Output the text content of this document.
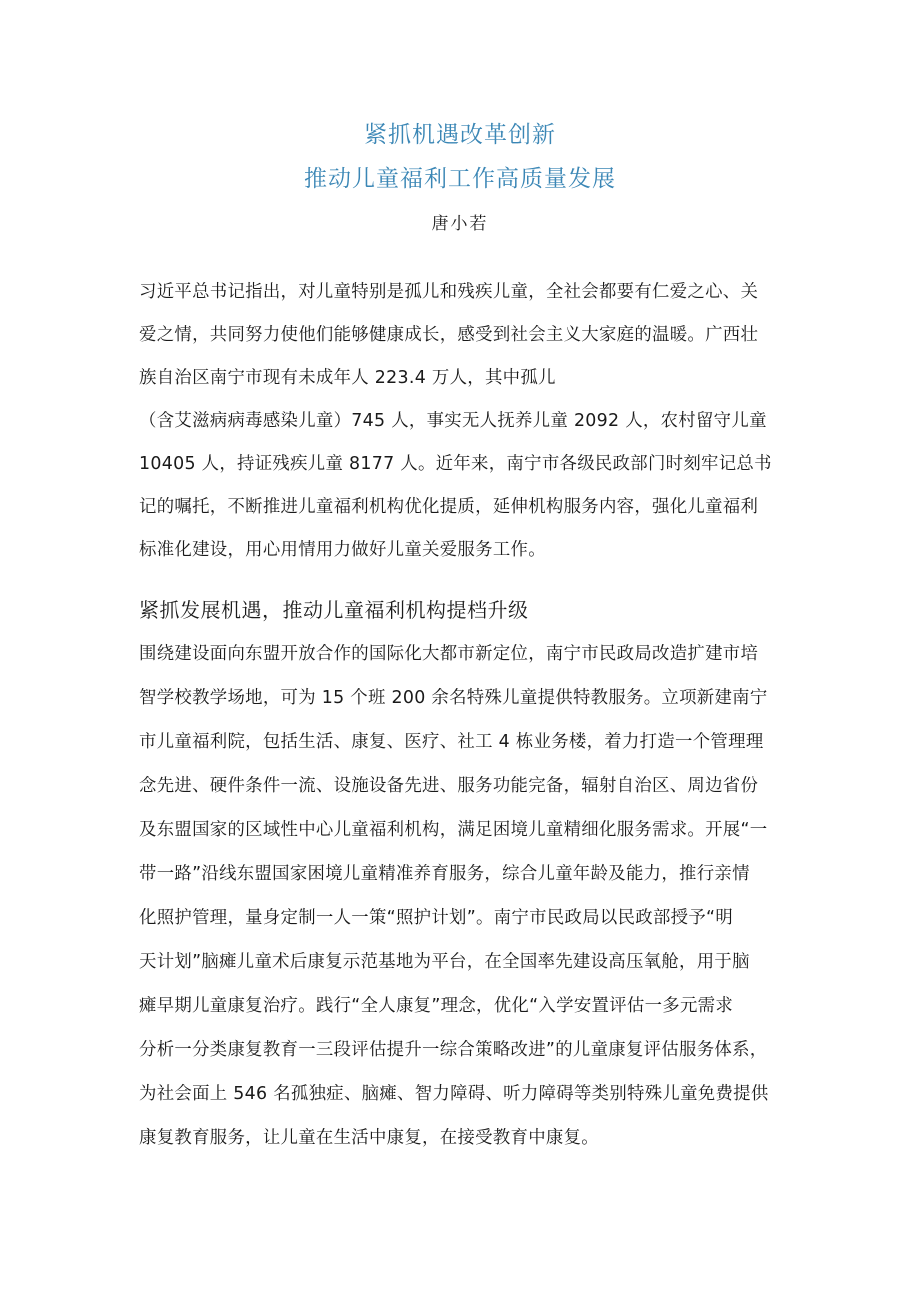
紧抓机遇改革创新
推动儿童福利工作高质量发展
唐小若
习近平总书记指出，对儿童特别是孤儿和残疾儿童，全社会都要有仁爱之心、关
爱之情，共同努力使他们能够健康成长，感受到社会主义大家庭的温暖。广西壮
族自治区南宁市现有未成年人 223.4 万人，其中孤儿
（含艾滋病病毒感染儿童）745 人，事实无人抚养儿童 2092 人，农村留守儿童
10405 人，持证残疾儿童 8177 人。近年来，南宁市各级民政部门时刻牢记总书
记的嘱托，不断推进儿童福利机构优化提质，延伸机构服务内容，强化儿童福利
标准化建设，用心用情用力做好儿童关爱服务工作。
紧抓发展机遇，推动儿童福利机构提档升级
围绕建设面向东盟开放合作的国际化大都市新定位，南宁市民政局改造扩建市培
智学校教学场地，可为 15 个班 200 余名特殊儿童提供特教服务。立项新建南宁
市儿童福利院，包括生活、康复、医疗、社工 4 栋业务楼，着力打造一个管理理
念先进、硬件条件一流、设施设备先进、服务功能完备，辐射自治区、周边省份
及东盟国家的区域性中心儿童福利机构，满足困境儿童精细化服务需求。开展“一
带一路”沿线东盟国家困境儿童精准养育服务，综合儿童年龄及能力，推行亲情
化照护管理，量身定制一人一策“照护计划”。南宁市民政局以民政部授予“明
天计划”脑瘫儿童术后康复示范基地为平台，在全国率先建设高压氧舱，用于脑
瘫早期儿童康复治疗。践行“全人康复”理念，优化“入学安置评估一多元需求
分析一分类康复教育一三段评估提升一综合策略改进”的儿童康复评估服务体系，
为社会面上 546 名孤独症、脑瘫、智力障碍、听力障碍等类别特殊儿童免费提供
康复教育服务，让儿童在生活中康复，在接受教育中康复。
